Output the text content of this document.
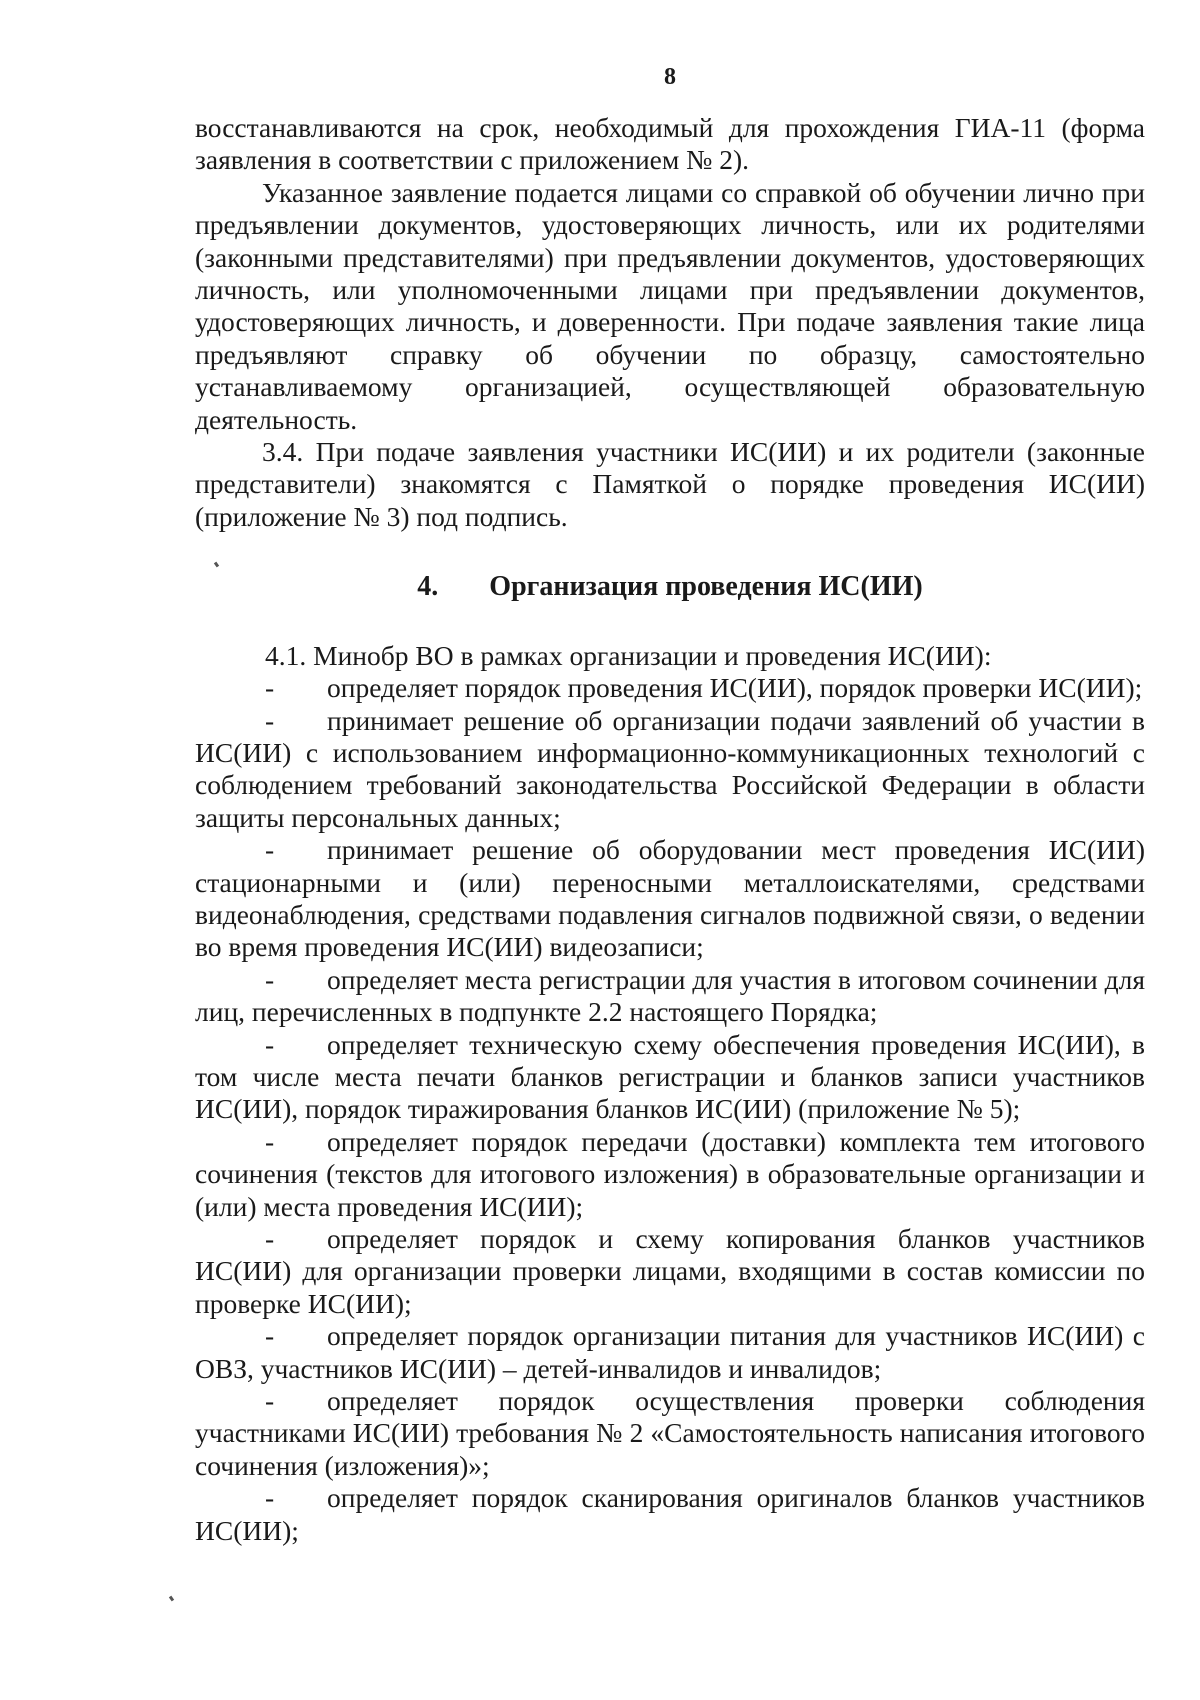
8

восстанавливаются на срок, необходимый для прохождения ГИА-11 (форма заявления в соответствии с приложением № 2).

Указанное заявление подается лицами со справкой об обучении лично при предъявлении документов, удостоверяющих личность, или их родителями (законными представителями) при предъявлении документов, удостоверяющих личность, или уполномоченными лицами при предъявлении документов, удостоверяющих личность, и доверенности. При подаче заявления такие лица предъявляют справку об обучении по образцу, самостоятельно устанавливаемому организацией, осуществляющей образовательную деятельность.

3.4. При подаче заявления участники ИС(ИИ) и их родители (законные представители) знакомятся с Памяткой о порядке проведения ИС(ИИ) (приложение № 3) под подпись.

4. Организация проведения ИС(ИИ)

4.1. Минобр ВО в рамках организации и проведения ИС(ИИ):

- определяет порядок проведения ИС(ИИ), порядок проверки ИС(ИИ);

- принимает решение об организации подачи заявлений об участии в ИС(ИИ) с использованием информационно-коммуникационных технологий с соблюдением требований законодательства Российской Федерации в области защиты персональных данных;

- принимает решение об оборудовании мест проведения ИС(ИИ) стационарными и (или) переносными металлоискателями, средствами видеонаблюдения, средствами подавления сигналов подвижной связи, о ведении во время проведения ИС(ИИ) видеозаписи;

- определяет места регистрации для участия в итоговом сочинении для лиц, перечисленных в подпункте 2.2 настоящего Порядка;

- определяет техническую схему обеспечения проведения ИС(ИИ), в том числе места печати бланков регистрации и бланков записи участников ИС(ИИ), порядок тиражирования бланков ИС(ИИ) (приложение № 5);

- определяет порядок передачи (доставки) комплекта тем итогового сочинения (текстов для итогового изложения) в образовательные организации и (или) места проведения ИС(ИИ);

- определяет порядок и схему копирования бланков участников ИС(ИИ) для организации проверки лицами, входящими в состав комиссии по проверке ИС(ИИ);

- определяет порядок организации питания для участников ИС(ИИ) с ОВЗ, участников ИС(ИИ) – детей-инвалидов и инвалидов;

- определяет порядок осуществления проверки соблюдения участниками ИС(ИИ) требования № 2 «Самостоятельность написания итогового сочинения (изложения)»;

- определяет порядок сканирования оригиналов бланков участников ИС(ИИ);
